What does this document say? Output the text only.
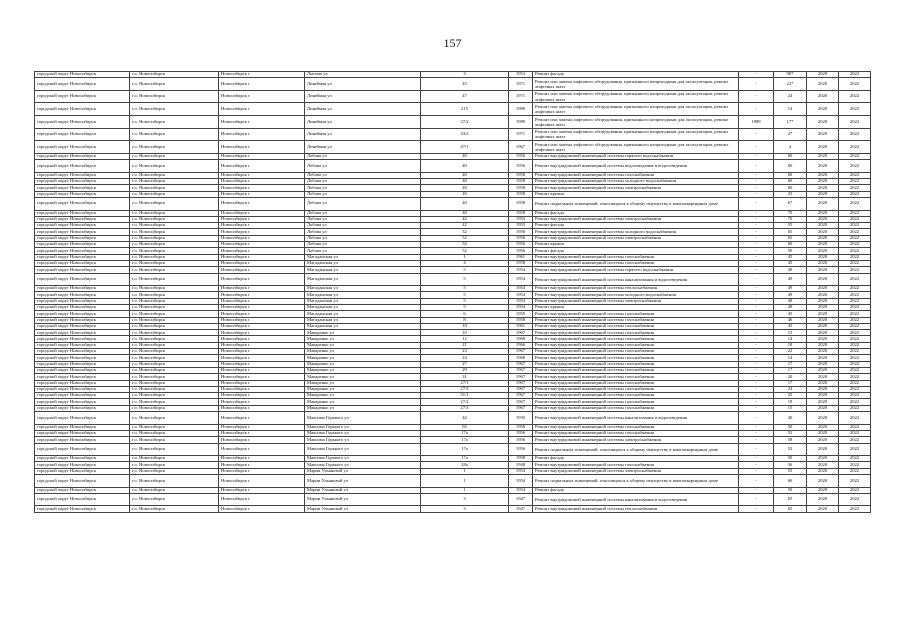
157
городской округ Новосибирск	г.о. Новосибирск	Новосибирск г	Лыгина ул	3	1953	Ремонт фасада	-	907	2020	2022
городской округ Новосибирск	г.о. Новосибирск	Новосибирск г	Линейная ул	45	1971	Ремонт или замена лифтового оборудования, признанного непригодным для эксплуатации, ремонт лифтовых шахт	-	22*	2020	2022
городской округ Новосибирск	г.о. Новосибирск	Новосибирск г	Линейная ул	47	1971	Ремонт или замена лифтового оборудования, признанного непригодным для эксплуатации, ремонт лифтовых шахт	-	24	2020	2022
городской округ Новосибирск	г.о. Новосибирск	Новосибирск г	Линейная ул	215	1989	Ремонт или замена лифтового оборудования, признанного непригодным для эксплуатации, ремонт лифтовых шахт	-	14	2020	2022
городской округ Новосибирск	г.о. Новосибирск	Новосибирск г	Линейная ул	37/2	1989	Ремонт или замена лифтового оборудования, признанного непригодным для эксплуатации, ремонт лифтовых шахт	1989	17*	2020	2022
городской округ Новосибирск	г.о. Новосибирск	Новосибирск г	Линейная ул	43/2	1971	Ремонт или замена лифтового оборудования, признанного непригодным для эксплуатации, ремонт лифтовых шахт	-	27	2020	2022
городской округ Новосибирск	г.о. Новосибирск	Новосибирск г	Линейная ул	47/1	1967	Ремонт или замена лифтового оборудования, признанного непригодным для эксплуатации, ремонт лифтовых шахт	-	4	2020	2022
городской округ Новосибирск	г.о. Новосибирск	Новосибирск г	Лобова ул	40	1956	Ремонт внутридомовой инженерной системы горячего водоснабжения	-	60	2020	2022
городской округ Новосибирск	г.о. Новосибирск	Новосибирск г	Лобова ул	40	1956	Ремонт внутридомовой инженерной системы водоотведения и водоотведения	-	60	2020	2022
городской округ Новосибирск	г.о. Новосибирск	Новосибирск г	Лобова ул	40	1958	Ремонт внутридомовой инженерной системы газоснабжения	-	60	2020	2022
городской округ Новосибирск	г.о. Новосибирск	Новосибирск г	Лобова ул	40	1958	Ремонт внутридомовой инженерной системы холодного водоснабжения	-	60	2020	2022
городской округ Новосибирск	г.о. Новосибирск	Новосибирск г	Лобова ул	40	1958	Ремонт внутридомовой инженерной системы электроснабжения	-	60	2020	2022
городской округ Новосибирск	г.о. Новосибирск	Новосибирск г	Лобова ул	40	1958	Ремонт крыши	-	25	2020	2022
городской округ Новосибирск	г.о. Новосибирск	Новосибирск г	Лобова ул	40	1958	Ремонт подвальных помещений, относящихся к общему имуществу в многоквартирном доме	-	67	2020	2022
городской округ Новосибирск	г.о. Новосибирск	Новосибирск г	Лобова ул	40	1958	Ремонт фасада	-	70	2020	2022
городской округ Новосибирск	г.о. Новосибирск	Новосибирск г	Лобова ул	42	1953	Ремонт внутридомовой инженерной системы электроснабжения	-	70	2020	2022
городской округ Новосибирск	г.о. Новосибирск	Новосибирск г	Лобова ул	42	1953	Ремонт фасада	-	55	2020	2022
городской округ Новосибирск	г.о. Новосибирск	Новосибирск г	Лобова ул	52	1956	Ремонт внутридомовой инженерной системы холодного водоснабжения	-	65	2020	2022
городской округ Новосибирск	г.о. Новосибирск	Новосибирск г	Лобова ул	52	1956	Ремонт внутридомовой инженерной системы электроснабжения	-	65	2020	2022
городской округ Новосибирск	г.о. Новосибирск	Новосибирск г	Лобова ул	52	1956	Ремонт крыши	-	60	2020	2022
городской округ Новосибирск	г.о. Новосибирск	Новосибирск г	Лобова ул	52	1956	Ремонт фасада	-	50	2020	2022
городской округ Новосибирск	г.о. Новосибирск	Новосибирск г	Магаданская ул	1	1961	Ремонт внутридомовой инженерной системы газоснабжения	-	45	2020	2022
городской округ Новосибирск	г.о. Новосибирск	Новосибирск г	Магаданская ул	4	1958	Ремонт внутридомовой инженерной системы газоснабжения	-	45	2020	2022
городской округ Новосибирск	г.о. Новосибирск	Новосибирск г	Магаданская ул	5	1954	Ремонт внутридомовой инженерной системы горячего водоснабжения	-	49	2020	2022
городской округ Новосибирск	г.о. Новосибирск	Новосибирск г	Магаданская ул	5	1954	Ремонт внутридомовой инженерной системы канализования и водоотведения	-	49	2020	2022
городской округ Новосибирск	г.о. Новосибирск	Новосибирск г	Магаданская ул	5	1954	Ремонт внутридомовой инженерной системы теплоснабжения	-	49	2020	2022
городской округ Новосибирск	г.о. Новосибирск	Новосибирск г	Магаданская ул	5	1954	Ремонт внутридомовой инженерной системы холодного водоснабжения	-	49	2020	2022
городской округ Новосибирск	г.о. Новосибирск	Новосибирск г	Магаданская ул	5	1954	Ремонт внутридомовой инженерной системы электроснабжения	-	49	2020	2022
городской округ Новосибирск	г.о. Новосибирск	Новосибирск г	Магаданская ул	5	1954	Ремонт крыши	-	49	2020	2022
городской округ Новосибирск	г.о. Новосибирск	Новосибирск г	Магаданская ул	6	1959	Ремонт внутридомовой инженерной системы газоснабжения	-	45	2020	2022
городской округ Новосибирск	г.о. Новосибирск	Новосибирск г	Магаданская ул	8	1958	Ремонт внутридомовой инженерной системы газоснабжения	-	46	2020	2022
городской округ Новосибирск	г.о. Новосибирск	Новосибирск г	Магаданская ул	10	1961	Ремонт внутридомовой инженерной системы газоснабжения	-	45	2020	2022
городской округ Новосибирск	г.о. Новосибирск	Новосибирск г	Макаренко ул	10	1967	Ремонт внутридомовой инженерной системы газоснабжения	-	15	2020	2022
городской округ Новосибирск	г.о. Новосибирск	Новосибирск г	Макаренко ул	12	1968	Ремонт внутридомовой инженерной системы газоснабжения	-	14	2020	2022
городской округ Новосибирск	г.о. Новосибирск	Новосибирск г	Макаренко ул	21	1966	Ремонт внутридомовой инженерной системы газоснабжения	-	18	2020	2022
городской округ Новосибирск	г.о. Новосибирск	Новосибирск г	Макаренко ул	23	1967	Ремонт внутридомовой инженерной системы газоснабжения	-	22	2020	2022
городской округ Новосибирск	г.о. Новосибирск	Новосибирск г	Макаренко ул	24	1968	Ремонт внутридомовой инженерной системы газоснабжения	-	14	2020	2022
городской округ Новосибирск	г.о. Новосибирск	Новосибирск г	Макаренко ул	27	1967	Ремонт внутридомовой инженерной системы газоснабжения	-	17	2020	2022
городской округ Новосибирск	г.о. Новосибирск	Новосибирск г	Макаренко ул	29	1967	Ремонт внутридомовой инженерной системы газоснабжения	-	17	2020	2022
городской округ Новосибирск	г.о. Новосибирск	Новосибирск г	Макаренко ул	31	1967	Ремонт внутридомовой инженерной системы газоснабжения	-	20	2020	2022
городской округ Новосибирск	г.о. Новосибирск	Новосибирск г	Макаренко ул	27/1	1967	Ремонт внутридомовой инженерной системы газоснабжения	-	17	2020	2022
городской округ Новосибирск	г.о. Новосибирск	Новосибирск г	Макаренко ул	27/3	1967	Ремонт внутридомовой инженерной системы газоснабжения	-	24	2020	2022
городской округ Новосибирск	г.о. Новосибирск	Новосибирск г	Макаренко ул	31/1	1967	Ремонт внутридомовой инженерной системы газоснабжения	-	25	2020	2022
городской округ Новосибирск	г.о. Новосибирск	Новосибирск г	Макаренко ул	27/2	1967	Ремонт внутридомовой инженерной системы газоснабжения	-	19	2020	2022
городской округ Новосибирск	г.о. Новосибирск	Новосибирск г	Макаренко ул	27/3	1967	Ремонт внутридомовой инженерной системы газоснабжения	-	15	2020	2022
городской округ Новосибирск	г.о. Новосибирск	Новосибирск г	Максима Горького ул	42	1935	Ремонт внутридомовой инженерной системы канализования и водоотведения	-	40	2020	2022
городской округ Новосибирск	г.о. Новосибирск	Новосибирск г	Максима Горького ул	92	1950	Ремонт внутридомовой инженерной системы газоснабжения	-	50	2020	2022
городской округ Новосибирск	г.о. Новосибирск	Новосибирск г	Максима Горького ул	17а	1956	Ремонт внутридомовой инженерной системы газоснабжения	-	52	2020	2022
городской округ Новосибирск	г.о. Новосибирск	Новосибирск г	Максима Горького ул	17а	1956	Ремонт внутридомовой инженерной системы электроснабжения	-	58	2020	2022
городской округ Новосибирск	г.о. Новосибирск	Новосибирск г	Максима Горького ул	17а	1956	Ремонт подвальных помещений, относящихся к общему имуществу в многоквартирном доме	-	52	2020	2022
городской округ Новосибирск	г.о. Новосибирск	Новосибирск г	Максима Горького ул	17а	1958	Ремонт фасада	-	50	2020	2022
городской округ Новосибирск	г.о. Новосибирск	Новосибирск г	Максима Горького ул	28а	1948	Ремонт внутридомовой инженерной системы газоснабжения	-	36	2020	2022
городской округ Новосибирск	г.о. Новосибирск	Новосибирск г	Марии Ульяновой ул	1	1954	Ремонт внутридомовой инженерной системы электроснабжения	-	55	2020	2022
городской округ Новосибирск	г.о. Новосибирск	Новосибирск г	Марии Ульяновой ул	1	1954	Ремонт подвальных помещений, относящихся к общему имуществу в многоквартирном доме	-	60	2020	2022
городской округ Новосибирск	г.о. Новосибирск	Новосибирск г	Марии Ульяновой ул	1	1954	Ремонт фасада	-	50	2020	2022
городской округ Новосибирск	г.о. Новосибирск	Новосибирск г	Марии Ульяновой ул	3	1947	Ремонт внутридомовой инженерной системы канализования и водоотведения	-	65	2020	2022
городской округ Новосибирск	г.о. Новосибирск	Новосибирск г	Марии Ульяновой ул	3	1947	Ремонт внутридомовой инженерной системы теплоснабжения	-	65	2020	2022
